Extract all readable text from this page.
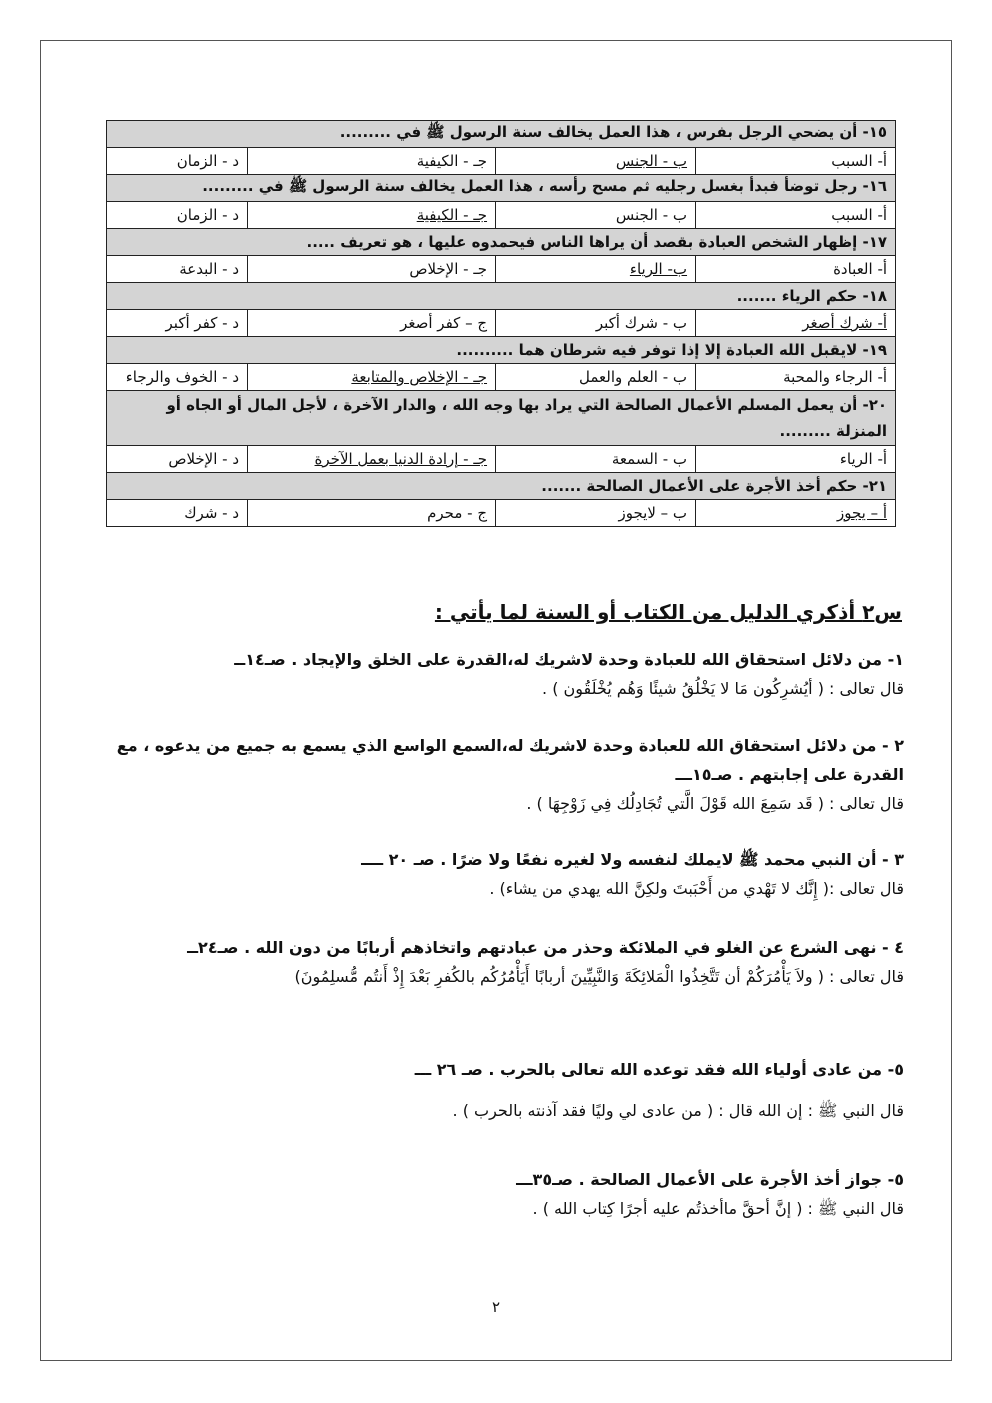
١٥- أن يضحي الرجل بفرس ، هذا العمل يخالف سنة الرسول ﷺ في .........			
أ- السبب	ب - الجنس	جـ - الكيفية	د - الزمان
١٦- رجل توضأ فبدأ بغسل رجليه ثم مسح رأسه ، هذا العمل يخالف سنة الرسول ﷺ في .........			
أ- السبب	ب - الجنس	جـ - الكيفية	د - الزمان
١٧- إظهار الشخص العبادة بقصد أن يراها الناس فيحمدوه عليها ، هو تعريف .....			
أ- العبادة	ب- الرياء	جـ - الإخلاص	د - البدعة
١٨- حكم الرياء .......			
أ- شرك أصغر	ب - شرك أكبر	ج – كفر أصغر	د - كفر أكبر
١٩- لايقبل الله العبادة إلا إذا توفر فيه شرطان هما ..........			
أ- الرجاء والمحبة	ب - العلم والعمل	جـ - الإخلاص والمتابعة	د - الخوف والرجاء
٢٠- أن يعمل المسلم الأعمال الصالحة التي يراد بها وجه الله ، والدار الآخرة ، لأجل المال أو الجاه أو المنزلة .........			
أ- الرياء	ب - السمعة	جـ - إرادة الدنيا بعمل الآخرة	د - الإخلاص
٢١- حكم أخذ الأجرة على الأعمال الصالحة .......			
أ – يجوز	ب – لايجوز	ج - محرم	د - شرك
س٢ أذكري الدليل من الكتاب أو السنة لما يأتي :
١- من دلائل استحقاق الله للعبادة وحدة لاشريك له،القدرة على الخلق والإيجاد . صـ١٤ــ
قال تعالى : ( أيُشرِكُون مَا لا يَخْلُقُ شيئًا وَهُم يُخْلَقُون ) .
٢ - من دلائل استحقاق الله للعبادة وحدة لاشريك له،السمع الواسع الذي يسمع به جميع من يدعوه ، مع القدرة على إجابتهم . صـ١٥ـــ
قال تعالى : ( قَد سَمِعَ الله قَوْلَ الَّتي تُجَادِلُك فِي زَوْجِهَا ) .
٣ - أن النبي محمد ﷺ لايملك لنفسه ولا لغيره نفعًا ولا ضرًا . صـ ٢٠ ــــ
قال تعالى :( إِنَّك لا تَهْدي من أَحْبَبتَ ولكِنَّ الله يهدي من يشاء) .
٤ - نهى الشرع عن الغلو في الملائكة وحذر من عبادتهم واتخاذهم أربابًا من دون الله . صـ٢٤ــ
قال تعالى : ( ولاَ يَأْمُرَكُمْ أن تَتَّخِذُوا الْمَلائِكَةَ وَالنَّبِيِّينَ أربابًا أَيَأْمُرُكُم بالكُفرِ بَعْدَ إِذْ أَنتُم مُّسلِمُونَ)
٥- من عادى أولياء الله فقد توعده الله تعالى بالحرب . صـ ٢٦ ـــ
قال النبي ﷺ : إن الله قال : ( من عادى لي وليًا فقد آذنته بالحرب ) .
٥- جواز أخذ الأجرة على الأعمال الصالحة . صـ٣٥ـــ
قال النبي ﷺ : ( إنَّ أحقَّ ماأخذتُم عليه أجرًا كِتاب الله ) .
٢
